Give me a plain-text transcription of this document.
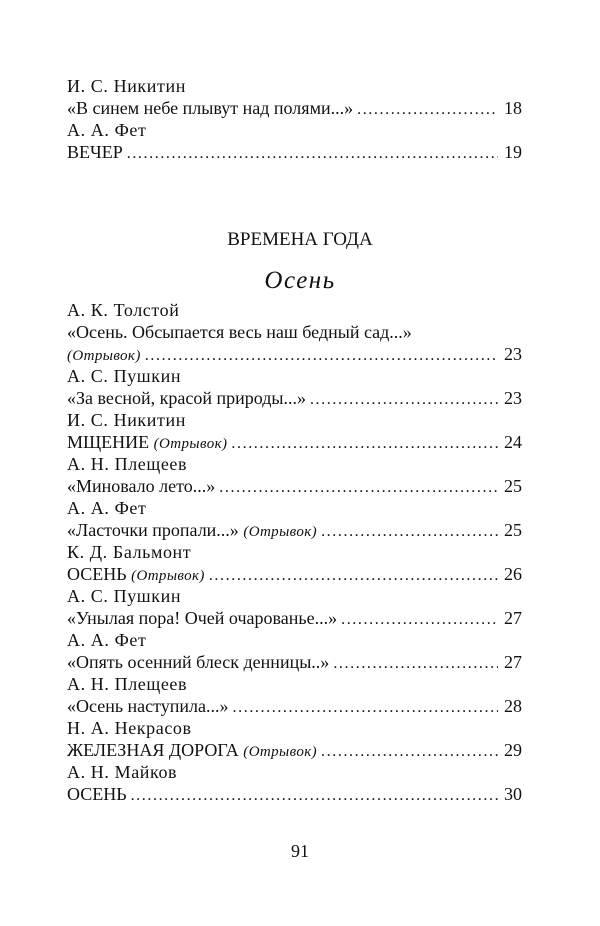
И. С. Никитин
«В синем небе плывут над полями...» . . .	18
А. А. Фет
ВЕЧЕР . . .	19
ВРЕМЕНА ГОДА
Осень
А. К. Толстой
«Осень. Обсыпается весь наш бедный сад...»
(Отрывок) . . .	23
А. С. Пушкин
«За весной, красой природы...» . . .	23
И. С. Никитин
МЩЕНИЕ (Отрывок) . . .	24
А. Н. Плещеев
«Миновало лето...» . . .	25
А. А. Фет
«Ласточки пропали...» (Отрывок) . . .	25
К. Д. Бальмонт
ОСЕНЬ (Отрывок) . . .	26
А. С. Пушкин
«Унылая пора! Очей очарованье...» . . .	27
А. А. Фет
«Опять осенний блеск денницы..» . . .	27
А. Н. Плещеев
«Осень наступила...» . . .	28
Н. А. Некрасов
ЖЕЛЕЗНАЯ ДОРОГА (Отрывок) . . .	29
А. Н. Майков
ОСЕНЬ . . .	30
91
